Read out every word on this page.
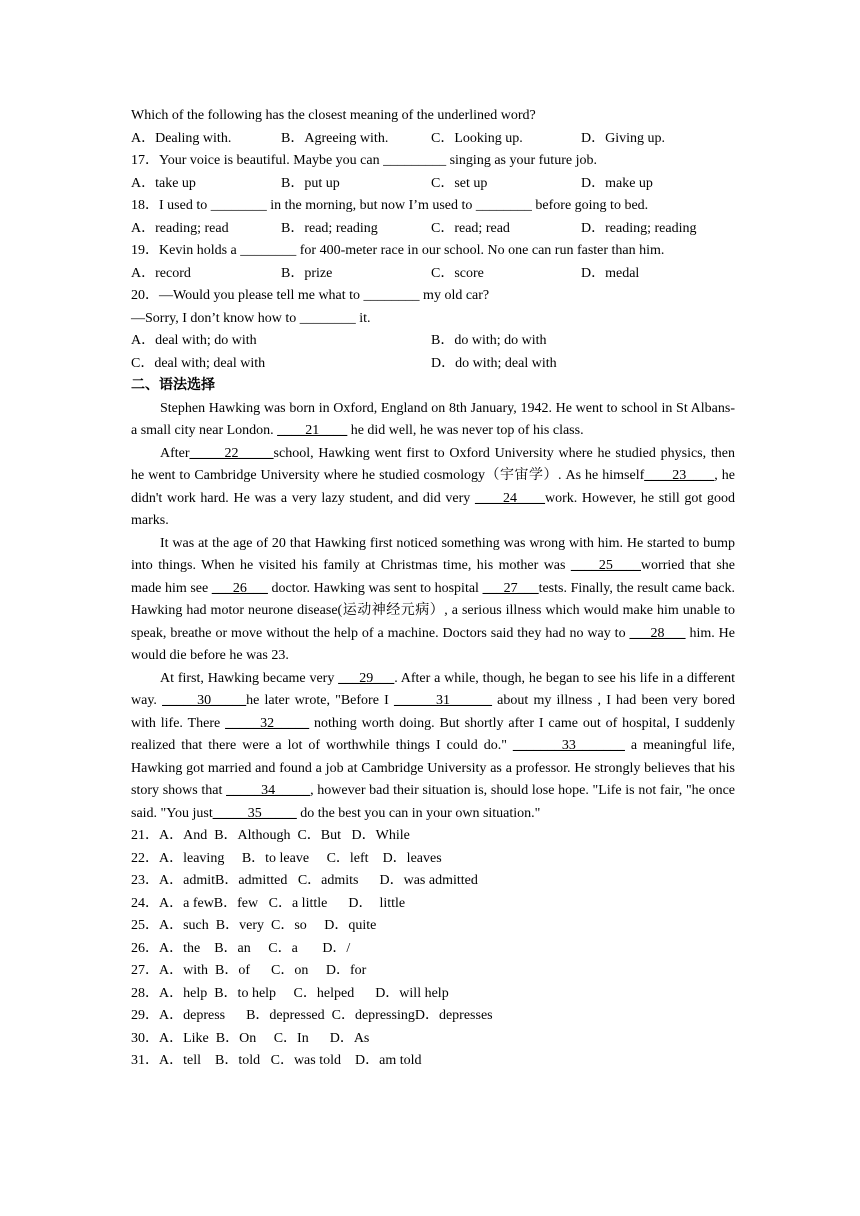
Which of the following has the closest meaning of the underlined word?
A．Dealing with.	B．Agreeing with.	C．Looking up.	D．Giving up.
17．Your voice is beautiful. Maybe you can _________ singing as your future job.
A．take up	B．put up	C．set up	D．make up
18．I used to ________ in the morning, but now I’m used to ________ before going to bed.
A．reading; read	B．read; reading	C．read; read	D．reading; reading
19．Kevin holds a ________ for 400-meter race in our school. No one can run faster than him.
A．record	B．prize	C．score	D．medal
20．—Would you please tell me what to ________ my old car?
—Sorry, I don’t know how to ________ it.
A．deal with; do with	B．do with; do with
C．deal with; deal with	D．do with; deal with
二、语法选择
Stephen Hawking was born in Oxford, England on 8th January, 1942. He went to school in St Albans-a small city near London. ____21____ he did well, he was never top of his class.
After_____22_____school, Hawking went first to Oxford University where he studied physics, then he went to Cambridge University where he studied cosmology（宇宙学）. As he himself____23____, he didn't work hard. He was a very lazy student, and did very ____24____work. However, he still got good marks.
It was at the age of 20 that Hawking first noticed something was wrong with him. He started to bump into things. When he visited his family at Christmas time, his mother was ____25____worried that she made him see ___26___ doctor. Hawking was sent to hospital ___27___tests. Finally, the result came back. Hawking had motor neurone disease(运动神经元病）, a serious illness which would make him unable to speak, breathe or move without the help of a machine. Doctors said they had no way to ___28___ him. He would die before he was 23.
At first, Hawking became very ___29___. After a while, though, he began to see his life in a different way. _____30_____he later wrote, "Before I ______31______ about my illness , I had been very bored with life. There _____32_____ nothing worth doing. But shortly after I came out of hospital, I suddenly realized that there were a lot of worthwhile things I could do." _______33_______ a meaningful life, Hawking got married and found a job at Cambridge University as a professor. He strongly believes that his story shows that _____34_____, however bad their situation is, should lose hope. "Life is not fair, "he once said. "You just_____35_____ do the best you can in your own situation."
21．A．And  B．Although  C．But   D．While
22．A．leaving     B．to leave     C．left    D．leaves
23．A．admitB．admitted   C．admits      D．was admitted
24．A．a fewB．few   C．a little      D．  little
25．A．such  B．very  C．so     D．quite
26．A．the    B．an     C．a       D．/
27．A．with  B．of      C．on     D．for
28．A．help  B．to help     C．helped      D．will help
29．A．depress      B．depressed  C．depressingD．depresses
30．A．Like  B．On     C．In      D．As
31．A．tell    B．told   C．was told    D．am told
